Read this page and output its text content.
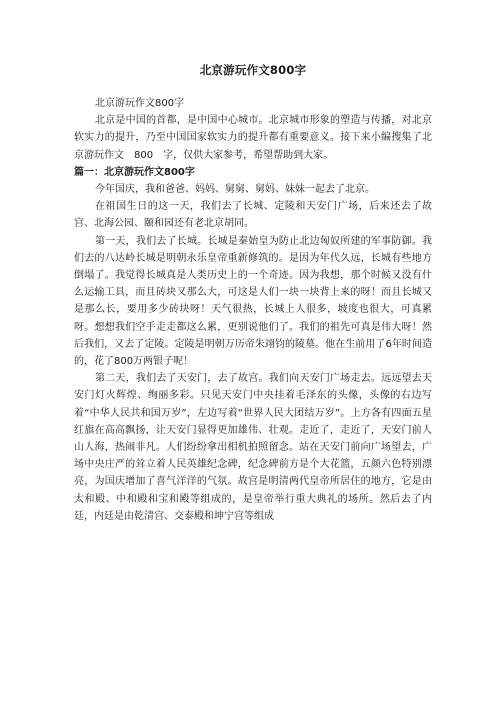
北京游玩作文800字

北京游玩作文800字

北京是中国的首都，是中国中心城市。北京城市形象的塑造与传播，对北京软实力的提升，乃至中国国家软实力的提升都有重要意义。接下来小编搜集了北京游玩作文　800　字，仅供大家参考，希望帮助到大家。

篇一：北京游玩作文800字

今年国庆，我和爸爸、妈妈、舅舅、舅妈、妹妹一起去了北京。

在祖国生日的这一天，我们去了长城、定陵和天安门广场，后来还去了故宫、北海公园、颐和园还有老北京胡同。

第一天，我们去了长城。长城是秦始皇为防止北边匈奴所建的军事防御。我们去的八达岭长城是明朝永乐皇帝重新修筑的。是因为年代久远，长城有些地方倒塌了。我觉得长城真是人类历史上的一个奇迹。因为我想，那个时候又没有什么运输工具，而且砖块又那么大，可这是人们一块一块背上来的呀！而且长城又是那么长，要用多少砖块呀！天气很热，长城上人很多，坡度也很大，可真累呀。想想我们空手走走都这么累，更别说他们了。我们的祖先可真是伟大呀！然后我们，又去了定陵。定陵是明朝万历帝朱翊钧的陵墓。他在生前用了6年时间造的，花了800万两银子呢！

第二天，我们去了天安门，去了故宫。我们向天安门广场走去。远远望去天安门灯火辉煌、绚丽多彩。只见天安门中央挂着毛泽东的头像，头像的右边写着“中华人民共和国万岁”，左边写着“世界人民大团结万岁”。上方各有四面五星红旗在高高飘扬，让天安门显得更加雄伟、壮观。走近了，走近了，天安门前人山人海，热闹非凡。人们纷纷拿出相机拍照留念。站在天安门前向广场望去，广场中央庄严的耸立着人民英雄纪念碑，纪念碑前方是个大花篮，五颜六色特别漂亮，为国庆增加了喜气洋洋的气氛。故宫是明清两代皇帝所居住的地方，它是由太和殿、中和殿和宝和殿等组成的，是皇帝举行重大典礼的场所。然后去了内廷，内廷是由乾清宫、交泰殿和坤宁宫等组成
